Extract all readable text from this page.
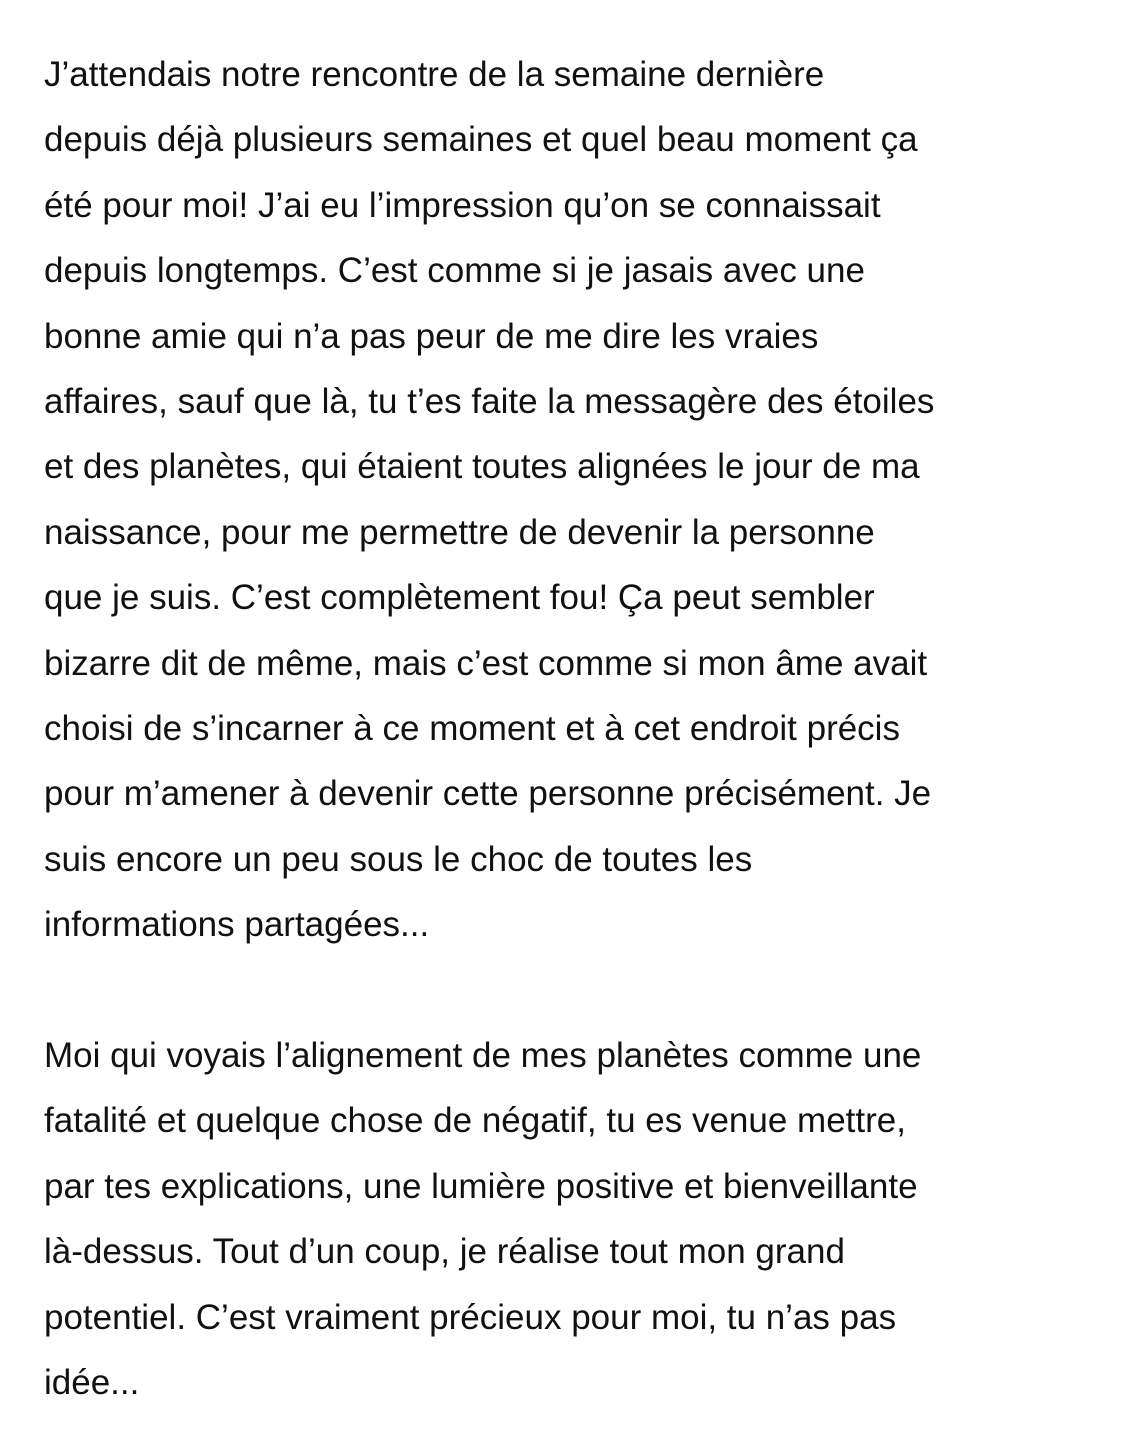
J’attendais notre rencontre de la semaine dernière
depuis déjà plusieurs semaines et quel beau moment ça
été pour moi! J’ai eu l’impression qu’on se connaissait
depuis longtemps. C’est comme si je jasais avec une
bonne amie qui n’a pas peur de me dire les vraies
affaires, sauf que là, tu t’es faite la messagère des étoiles
et des planètes, qui étaient toutes alignées le jour de ma
naissance, pour me permettre de devenir la personne
que je suis. C’est complètement fou! Ça peut sembler
bizarre dit de même, mais c’est comme si mon âme avait
choisi de s’incarner à ce moment et à cet endroit précis
pour m’amener à devenir cette personne précisément. Je
suis encore un peu sous le choc de toutes les
informations partagées...

Moi qui voyais l’alignement de mes planètes comme une
fatalité et quelque chose de négatif, tu es venue mettre,
par tes explications, une lumière positive et bienveillante
là-dessus. Tout d’un coup, je réalise tout mon grand
potentiel. C’est vraiment précieux pour moi, tu n’as pas
idée...
